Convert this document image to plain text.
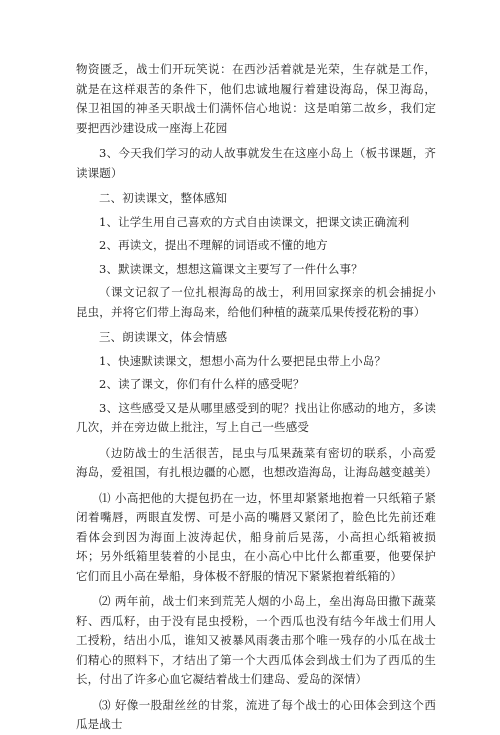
物资匮乏，战士们开玩笑说：在西沙活着就是光荣，生存就是工作，就是在这样艰苦的条件下，他们忠诚地履行着建设海岛，保卫海岛，保卫祖国的神圣天职战士们满怀信心地说：这是咱第二故乡，我们定要把西沙建设成一座海上花园

3、今天我们学习的动人故事就发生在这座小岛上（板书课题，齐读课题）

二、初读课文，整体感知

1、让学生用自己喜欢的方式自由读课文，把课文读正确流利

2、再读文，提出不理解的词语或不懂的地方

3、默读课文，想想这篇课文主要写了一件什么事？

（课文记叙了一位扎根海岛的战士，利用回家探亲的机会捕捉小昆虫，并将它们带上海岛来，给他们种植的蔬菜瓜果传授花粉的事）

三、朗读课文，体会情感

1、快速默读课文，想想小高为什么要把昆虫带上小岛？

2、读了课文，你们有什么样的感受呢？

3、这些感受又是从哪里感受到的呢？找出让你感动的地方，多读几次，并在旁边做上批注，写上自己一些感受

（边防战士的生活很苦，昆虫与瓜果蔬菜有密切的联系，小高爱海岛，爱祖国，有扎根边疆的心愿，也想改造海岛，让海岛越变越美）

⑴ 小高把他的大提包扔在一边，怀里却紧紧地抱着一只纸箱子紧闭着嘴唇，两眼直发愣、可是小高的嘴唇又紧闭了，脸色比先前还难看体会到因为海面上波涛起伏，船身前后晃荡，小高担心纸箱被损坏；另外纸箱里装着的小昆虫，在小高心中比什么都重要，他要保护它们而且小高在晕船，身体极不舒服的情况下紧紧抱着纸箱的）

⑵ 两年前，战士们来到荒芜人烟的小岛上，垒出海岛田撒下蔬菜籽、西瓜籽，由于没有昆虫授粉，一个西瓜也没有结今年战士们用人工授粉，结出小瓜，谁知又被暴风雨袭击那个唯一残存的小瓜在战士们精心的照料下，才结出了第一个大西瓜体会到战士们为了西瓜的生长，付出了许多心血它凝结着战士们建岛、爱岛的深情）

⑶ 好像一股甜丝丝的甘浆，流进了每个战士的心田体会到这个西瓜是战士
